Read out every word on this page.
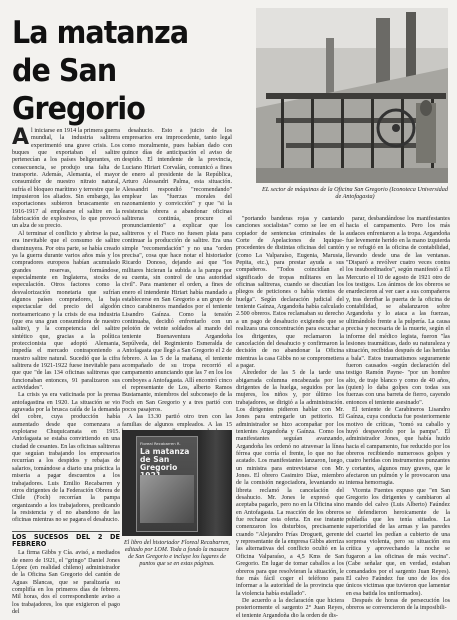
La matanza
de San Gregorio
EL sector de máquinas de la Oficina San Gregorio (Iconoteca Universidad de Antofagasta)

Al iniciarse en 1914 la primera guerra mundial, la industria salitrera experimentó una grave crisis. Los buques que exportaban el salitre pertenecían a los países beligerantes, en consecuencia, se produjo una falta de transporte. Además, Alemania, el mayor consumidor de nuestro nitrato natural, sufría el bloqueo marítimo y terrestre que le impusieron los aliados. Sin embargo, las exportaciones subieron bruscamente en 1916-1917 al emplearse el salitre en la fabricación de explosivos, lo que provocó un alza de su precio.

Al terminar el conflicto y abrirse la paz, era inevitable que el consumo de salitre disminuyera. Por otra parte, se había creado ya la guerra durante varios años más y los compradores europeos habían acumulado grandes reservas, formándose, especialmente en Inglaterra, stocks de especulación. Otros factores como la desvalorización monetaria que sufrían algunos países compradores, la baja espectacular del precio del algodón norteamericano y la crisis de esa industria (que era una gran consumidora de nuestro salitre), y la competencia del salitre sintético que, gracias a la política proteccionista que adoptó Alemania, impedía el mercado contraponiendo a nuestro salitre natural. Sucedió que la cifra salitrera de 1921-1922 fuese inevitable para que que "de las 134 oficinas salitreras que funcionaban entonces, 91 paralizaron sus actividades".

La crisis ya era vaticinada por la prensa antofagastina en 1920. La situación se vio agravada por la brusca caída de la demanda del cobre, cuya producción había aumentado desde que comenzara a explotarse Chuquicamata en 1915. Antofagasta se estaba convirtiendo en una ciudad de cesantes. En las oficinas salitreras que seguían trabajando los empresarios recurrían a los despidos y rebajas de salarios, tomándose a diario una práctica la miseria a pagar descuentos a los trabajadores. Luis Emilio Recabarren y otros dirigentes de la Federación Obrera de Chile (Foch) recorrían la pampa organizando a los trabajadores, predicando la resistencia y el no abandono de las oficinas mientras no se pagara el desahucio.

LOS SUCESOS DEL 2 DE FEBRERO

La firma Gibbs y Cía. avisó, a mediados de enero de 1921, el "gringo" Daniel Jones López (en realidad chileno) administrador de la Oficina San Gregorio del cantón de Aguas Blancas, que se paralizaría su complifía en los primeros días de febrero. Mil horas, dos el correspondiente aviso a los trabajadores, los que exigieron el pago del

desahucio. Esto a juicio de los empresarios era improcedente, tanto legal como moralmente, pues habían dado con quince días de anticipación el aviso de despido. El intendente de la provincia, Luciano Hiriart Corvalán, comunicó a fines de enero al presidente de la República, Arturo Alessandri Palma, esta situación. Alessandri respondió "recomendando" emplear las "fuerzas morales del razonamiento y convicción" y que "si la resistencia obrera a abandonar oficinas salitreras continúa, procure el pronunciamiento" a explicar que los salitreros y el Fisco no fuesen plata para continuar la producción de salitre. Era una simple "recomendación" y no una "orden precisa", cosa que hace notar el historiador Ricardo Donoso, dejando así que "los militares hicieran la subida a la pampa por su cuenta, sin control de una autoridad civil". Para mantener el orden, a fines de enero el intendente Hiriart había mandado a establecerse en San Gregorio a un grupo de cinco carabineros mandados por el teniente Lisandro Gaínza. Como la tensión continuaba, decidió enfrentarlo con un pelotón de veinte soldados al mando del teniente Buenaventura Argandoña Sepúlveda, del Regimiento Esmeralda de Antofagasta que llegó a San Gregorio el 2 de febrero. A las 5 de la mañana, el teniente acompañado de su tropa recorrió el campamento anunciando que las 7 en los los comboyes a Antofagasta. Allí encontró cinco el representante de Los, alberto Ramos Bustamante, miembros del subconsejo de la Foch en San Gregorio y a tres partió con pocos pasajeros.

A las 13.30 partió otro tren con las familias de algunos empleados. A las 15

Floreal Recabarren R.
La matanza de San Gregorio
El libro del historiador Floreal Recabarren, editado por LOM. Toda a fondo la masacre de San Gregorio e incluye los lugares de puntos que se en estas páginas.

"portando banderas rojas y cantando canciones socialistas" como se lee en el copiador de sentencias criminales de la Corte de Apelaciones de Iquique- procedentes de distintas oficinas del cantón (como La Valparaíso, Eugenia, Marusia, Pepita, etc.), para prestar ayuda a sus compañeros. "Todos coincidían el significado de tropas militares en las oficinas salitreras, cuando se discutían los pliegos de peticiones o había vientos de huelga". Según declaración judicial del teniente Gaínza, Argandoña había calculado 2.500 obreros. Estos reclamaban su derecho a un pago de desahucio exigiendo que se realizara una concentración para escuchar a los dirigentes, que reclamaron la cancelación del desahucio y confirmaron la decisión de no abandonar la Oficina mientras la casa Gibbs no se comprometiera a pagar.

Alrededor de las 5 de la tarde una abigarrada columna encabezada por los dirigentes de la huelga, seguidos por las mujeres, los niños y, por último los trabajadores, se dirigió a la administración. Los dirigentes pidieron hablar con Mr. Jones para entregarle un petitorio. El administrador se hizo acompañar por los tenientes Argandoña y Gaínza. Como los manifestantes seguían avanzando, Argandoña les ordenó no atravesar la línea férrea que corría el frente, lo que no fue acatado. Los manifestantes lanzaron, luego, un ministra para entrevistarse con Mr. Jones. El obrero Casimiro Díaz, miembro de la comisión negociadora, levantando su libreta reclamó la cancelación del desahucio. Mr. Jones le expresó que aceptaba pagarlo, pero no en la Oficina sino en Antofagasta. La reacción de los obreros fue rechazar esta oferta. En ese instante comenzaron los disturbios, precisamente cuando "Alejandro Frías Droguett, gerente y representante de la empresa Gibbs aterriza las alternativas del conflicto ocultó en la Oficina Valparaíso, a 4,5 Kms de San Gregorio. En lugar de tomar caballos a los obreros para que resolvieran la situación, le fue más fácil coger el teléfono para informar a la autoridad de la provincia que la violencia había estallado".

De acuerdo a la declaración que hiciera posteriormente el sargento 2° Juan Reyes, el teniente Argandoña dio la orden de dis-

parar, desbandándose los manifestantes hacia el campamento. Pero los más audaces enfrentaron a la tropa. Argandoña fue levemente herido en la mano izquierda y se refugió en la oficina de contabilidad, llevando desde una de las ventanas. "Disparó a revólver cuatro veces contra los insubordinados", según manifestó a El Mercurio el 10 de agosto de 1921 otro de los testigos. Los ánimos de los obreros se enardecieron al ver caer a sus compañeros y, tras derribar la puerta de la oficina de contabilidad, se abalanzaron sobre Argandoña y lo ataca a las fuerzas, ultimándolo frente a la pulpería. La causa precisa y necesaria de la muerte, según el informe del médico legista, fueron "las lesiones traumáticas, dado su naturaleza y situación, recibidas después de las heridas a bala". Estos traumatismos seguramente fueron causados -según declaración del testigo Ramón Payne- "por un hombre alto, de traje blanco y como de 40 años, (quien) lo daba golpes con todas sus fuerzas con una barreta de fierro, cayendo entonces el teniente asesinado".

El teniente de Carabineros Lisandro Gaínza, cuya conducta fue posteriormente motivo de críticas, "tomó su caballo y huyó despavorido por la pampa". El administrador Jones, que había huido hacia el campamento, fue reducido por los obreros recibiendo numerosos golpes y cuatro heridas con instrumentos punzantes y cortantes, algunos muy graves, que le afectaron un pulmón y le provocaron una intensa hemorragia.

Vicenta Fuentes expuso que "en San Gregorio los dirigentes y cambiaron al mando del calvo (Luis Alberto) Faúndez se defendieron heroicamente de la pobladía que les tenía sitiados. La superioridad de las armas y las paredes del cuartel les pedían a cubierto de una sorpresa violenta, pero su situación era crítica y aprovechando la noche se fugaron a las oficinas de más vecina". (Cabe señalar que, en verdad, estaban comandados por el sargento Juan Reyes). El calvo Faúndez fue uno de los dos únicos victimas que tuvieron que lamentar en esa batida los uniformados).

Después de horas de persecución los obreros se convencieron de la imposibili-
